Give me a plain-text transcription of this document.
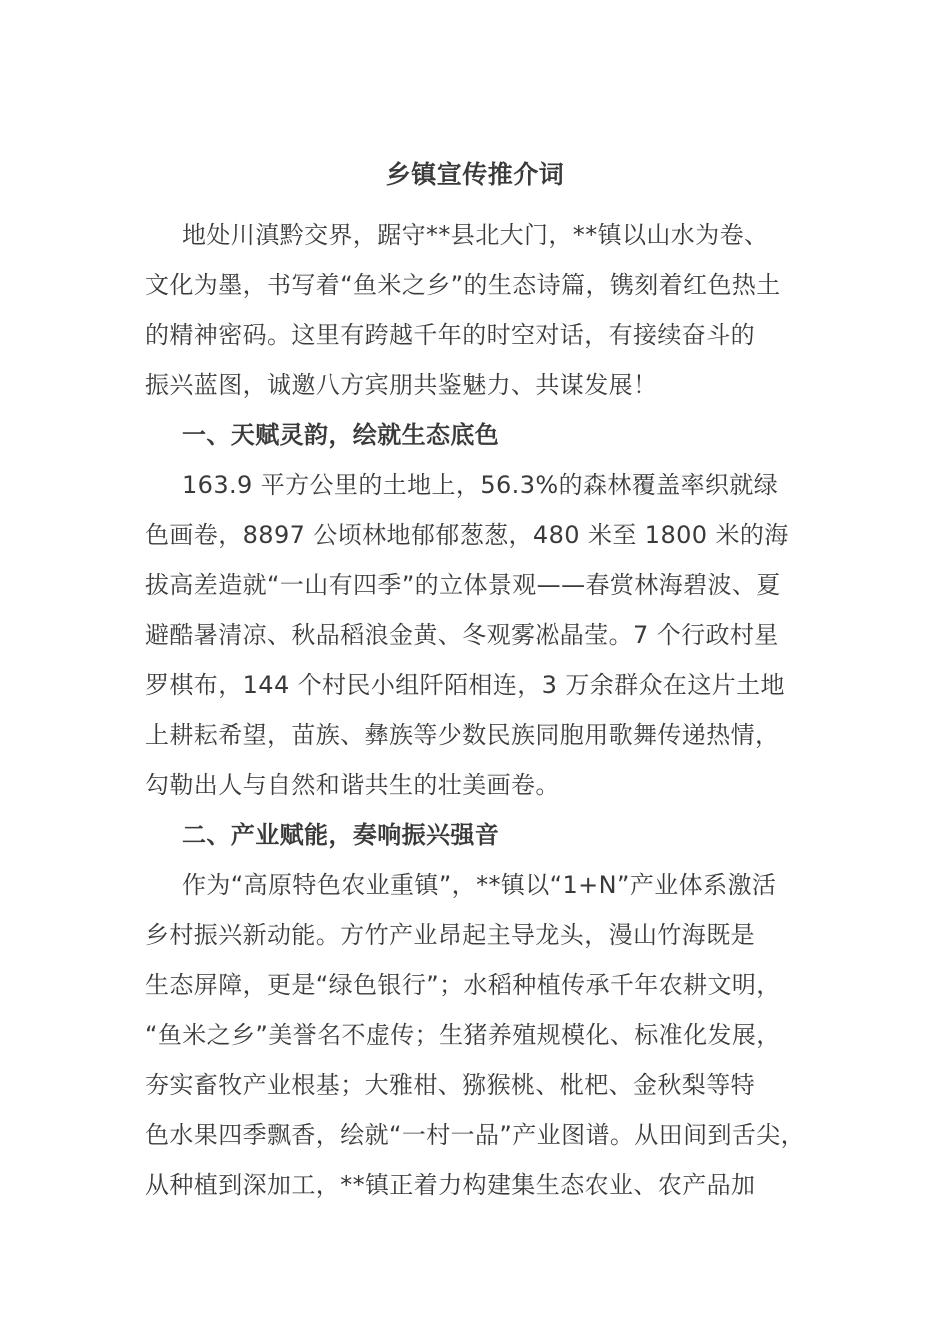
乡镇宣传推介词
地处川滇黔交界，踞守**县北大门，**镇以山水为卷、
文化为墨，书写着“鱼米之乡”的生态诗篇，镌刻着红色热土
的精神密码。这里有跨越千年的时空对话，有接续奋斗的
振兴蓝图，诚邀八方宾朋共鉴魅力、共谋发展！
一、天赋灵韵，绘就生态底色
163.9 平方公里的土地上，56.3%的森林覆盖率织就绿
色画卷，8897 公顷林地郁郁葱葱，480 米至 1800 米的海
拔高差造就“一山有四季”的立体景观——春赏林海碧波、夏
避酷暑清凉、秋品稻浪金黄、冬观雾凇晶莹。7 个行政村星
罗棋布，144 个村民小组阡陌相连，3 万余群众在这片土地
上耕耘希望，苗族、彝族等少数民族同胞用歌舞传递热情，
勾勒出人与自然和谐共生的壮美画卷。
二、产业赋能，奏响振兴强音
作为“高原特色农业重镇”，**镇以“1+N”产业体系激活
乡村振兴新动能。方竹产业昂起主导龙头，漫山竹海既是
生态屏障，更是“绿色银行”；水稻种植传承千年农耕文明，
“鱼米之乡”美誉名不虚传；生猪养殖规模化、标准化发展，
夯实畜牧产业根基；大雅柑、猕猴桃、枇杷、金秋梨等特
色水果四季飘香，绘就“一村一品”产业图谱。从田间到舌尖，
从种植到深加工，**镇正着力构建集生态农业、农产品加
